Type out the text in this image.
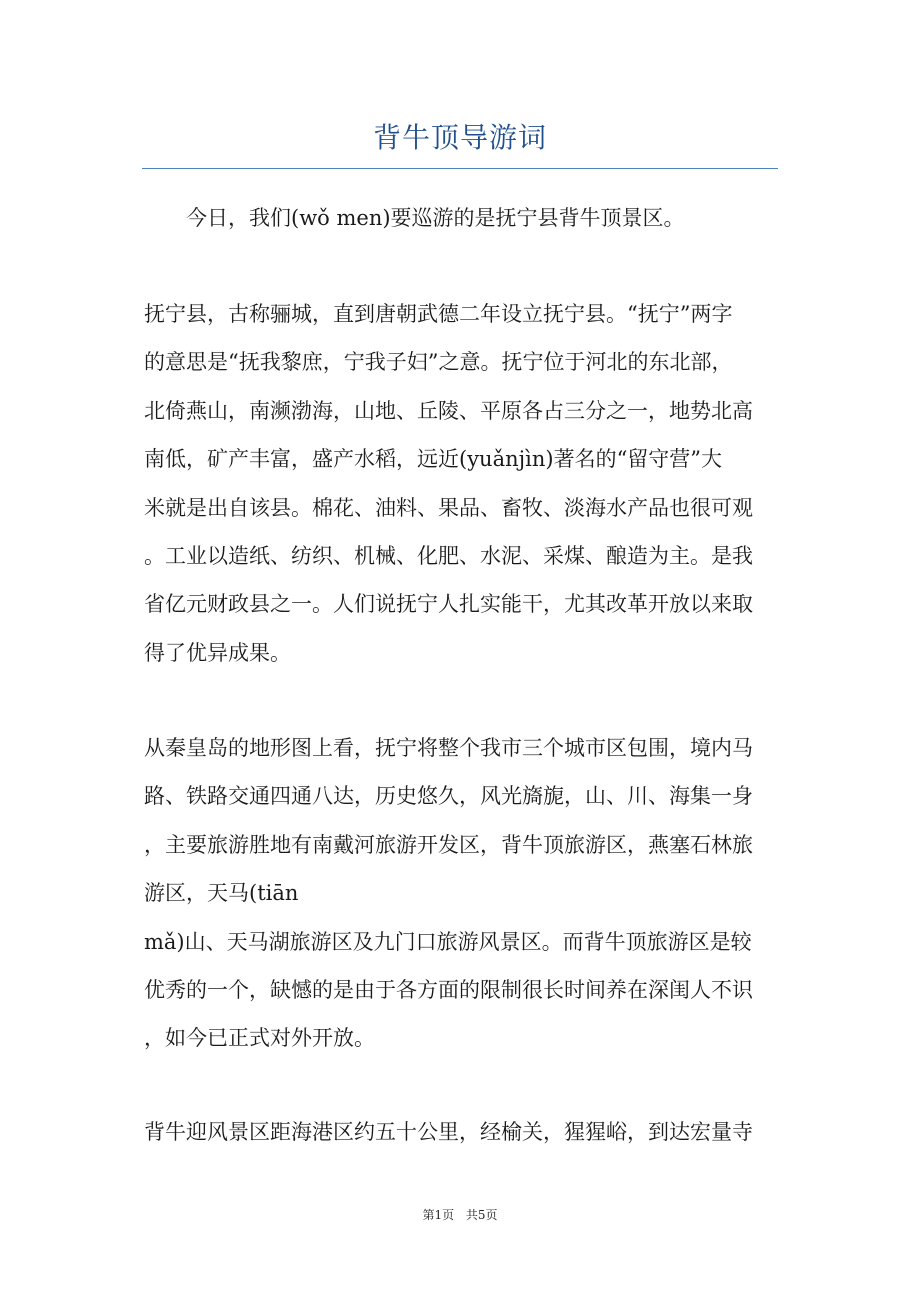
背牛顶导游词
　　今日，我们(wǒ men)要巡游的是抚宁县背牛顶景区。
抚宁县，古称骊城，直到唐朝武德二年设立抚宁县。“抚宁”两字
的意思是“抚我黎庶，宁我子妇”之意。抚宁位于河北的东北部，
北倚燕山，南濒渤海，山地、丘陵、平原各占三分之一，地势北高
南低，矿产丰富，盛产水稻，远近(yuǎnjìn)著名的“留守营”大
米就是出自该县。棉花、油料、果品、畜牧、淡海水产品也很可观
。工业以造纸、纺织、机械、化肥、水泥、采煤、酿造为主。是我
省亿元财政县之一。人们说抚宁人扎实能干，尤其改革开放以来取
得了优异成果。
从秦皇岛的地形图上看，抚宁将整个我市三个城市区包围，境内马
路、铁路交通四通八达，历史悠久，风光旖旎，山、川、海集一身
，主要旅游胜地有南戴河旅游开发区，背牛顶旅游区，燕塞石林旅
游区，天马(tiān
mǎ)山、天马湖旅游区及九门口旅游风景区。而背牛顶旅游区是较
优秀的一个，缺憾的是由于各方面的限制很长时间养在深闺人不识
，如今已正式对外开放。
背牛迎风景区距海港区约五十公里，经榆关，猩猩峪，到达宏量寺
第1页 共5页
